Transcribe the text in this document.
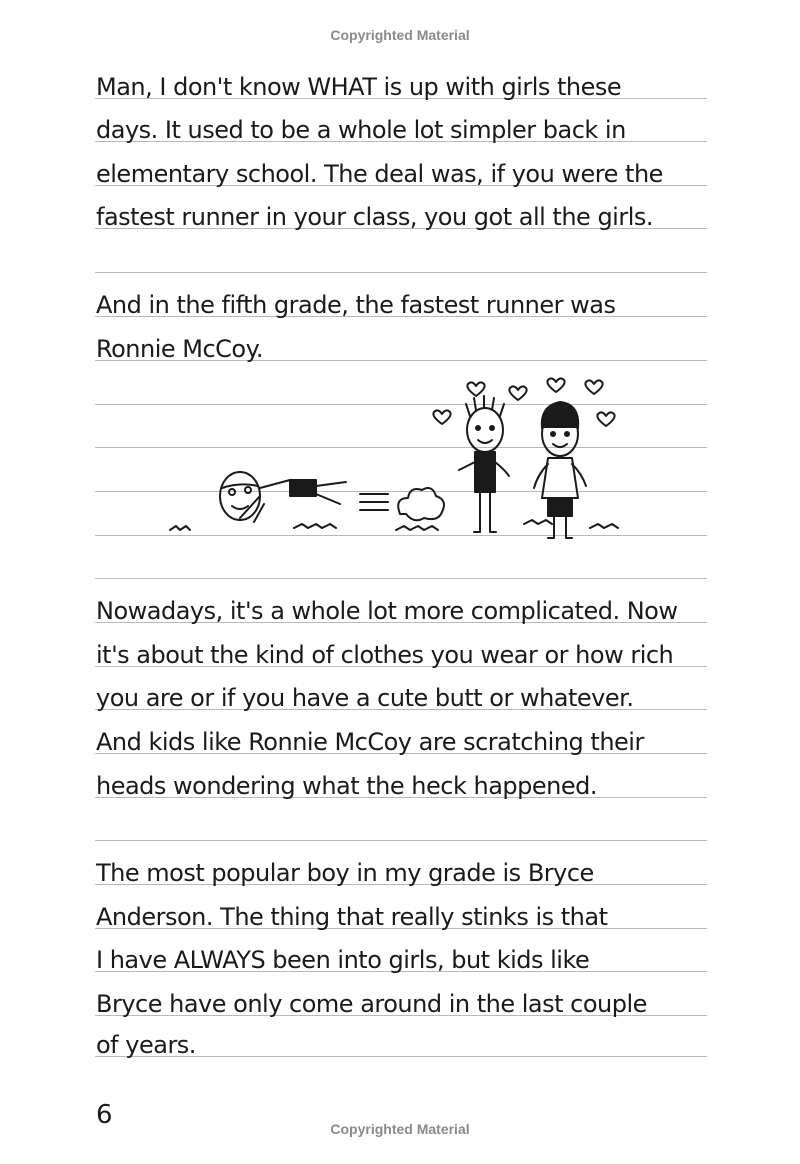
Copyrighted Material
Man, I don't know WHAT is up with girls these
days. It used to be a whole lot simpler back in
elementary school. The deal was, if you were the
fastest runner in your class, you got all the girls.
And in the fifth grade, the fastest runner was
Ronnie McCoy.
Nowadays, it's a whole lot more complicated. Now
it's about the kind of clothes you wear or how rich
you are or if you have a cute butt or whatever.
And kids like Ronnie McCoy are scratching their
heads wondering what the heck happened.
The most popular boy in my grade is Bryce
Anderson. The thing that really stinks is that
I have ALWAYS been into girls, but kids like
Bryce have only come around in the last couple
of years.
6	Copyrighted Material
